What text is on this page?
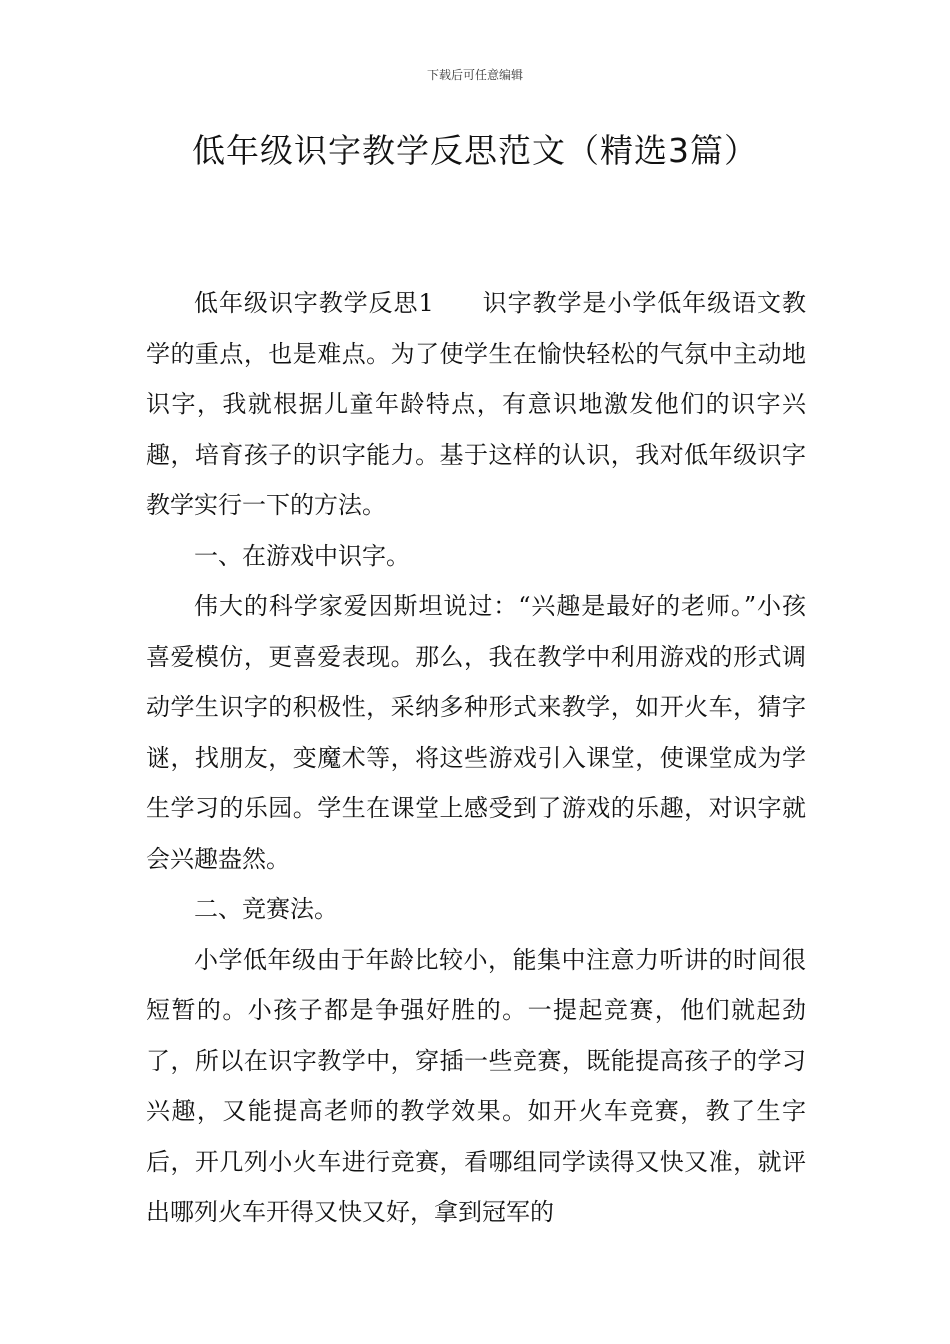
下载后可任意编辑
低年级识字教学反思范文（精选3篇）

低年级识字教学反思1 识字教学是小学低年级语文教学的重点，也是难点。为了使学生在愉快轻松的气氛中主动地识字，我就根据儿童年龄特点，有意识地激发他们的识字兴趣，培育孩子的识字能力。基于这样的认识，我对低年级识字教学实行一下的方法。

一、在游戏中识字。

伟大的科学家爱因斯坦说过：“兴趣是最好的老师。”小孩喜爱模仿，更喜爱表现。那么，我在教学中利用游戏的形式调动学生识字的积极性，采纳多种形式来教学，如开火车，猜字谜，找朋友，变魔术等，将这些游戏引入课堂，使课堂成为学生学习的乐园。学生在课堂上感受到了游戏的乐趣，对识字就会兴趣盎然。

二、竞赛法。

小学低年级由于年龄比较小，能集中注意力听讲的时间很短暂的。小孩子都是争强好胜的。一提起竞赛，他们就起劲了，所以在识字教学中，穿插一些竞赛，既能提高孩子的学习兴趣，又能提高老师的教学效果。如开火车竞赛，教了生字后，开几列小火车进行竞赛，看哪组同学读得又快又准，就评出哪列火车开得又快又好，拿到冠军的
